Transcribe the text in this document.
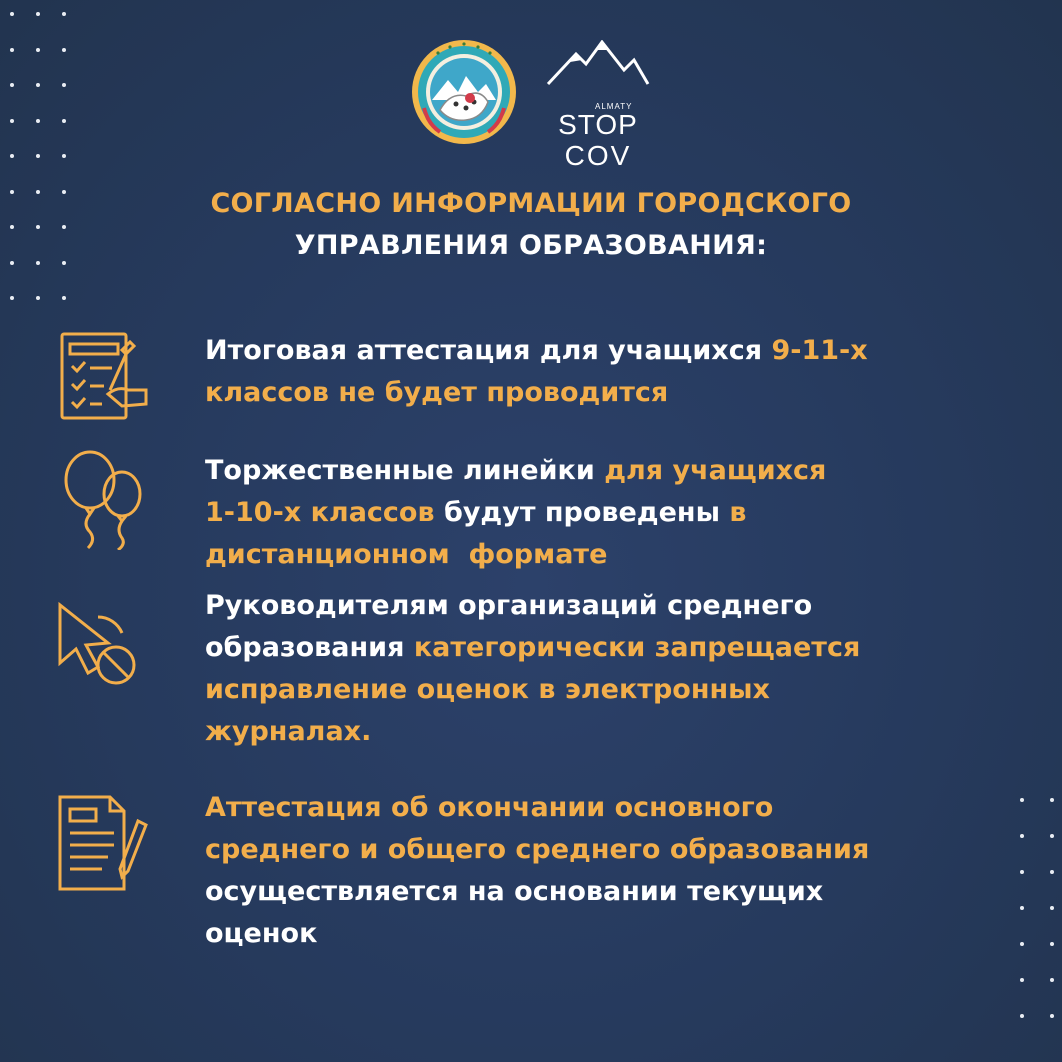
ALMATY
STOP
COV
СОГЛАСНО ИНФОРМАЦИИ ГОРОДСКОГО
УПРАВЛЕНИЯ ОБРАЗОВАНИЯ:
Итоговая аттестация для учащихся 9-11-х
классов не будет проводится
Торжественные линейки для учащихся
1-10-х классов будут проведены в
дистанционном  формате
Руководителям организаций среднего
образования категорически запрещается
исправление оценок в электронных
журналах.
Аттестация об окончании основного
среднего и общего среднего образования
осуществляется на основании текущих
оценок
